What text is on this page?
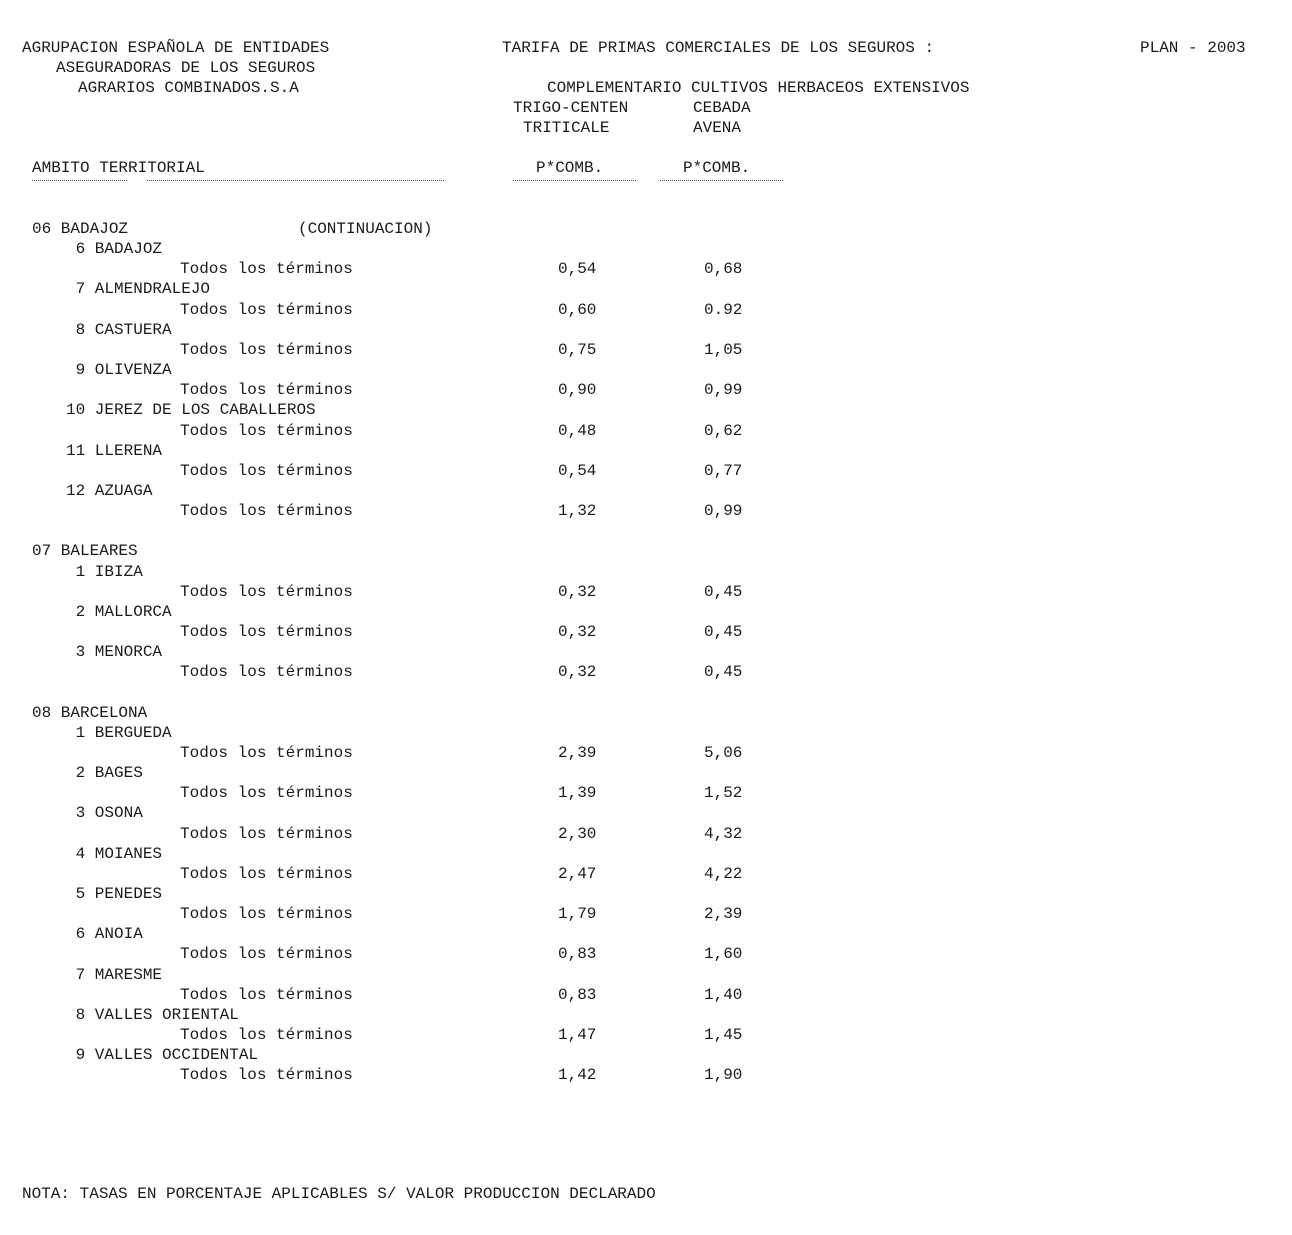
AGRUPACION ESPAÑOLA DE ENTIDADES
ASEGURADORAS DE LOS SEGUROS
AGRARIOS COMBINADOS.S.A
TARIFA DE PRIMAS COMERCIALES DE LOS SEGUROS :	PLAN - 2003
COMPLEMENTARIO CULTIVOS HERBACEOS EXTENSIVOS
TRIGO-CENTEN
TRITICALE
CEBADA
AVENA
AMBITO TERRITORIAL	P*COMB.	P*COMB.
06 BADAJOZ	(CONTINUACION)
6 BADAJOZ
Todos los términos	0,54	0,68
7 ALMENDRALEJO
Todos los términos	0,60	0.92
8 CASTUERA
Todos los términos	0,75	1,05
9 OLIVENZA
Todos los términos	0,90	0,99
10 JEREZ DE LOS CABALLEROS
Todos los términos	0,48	0,62
11 LLERENA
Todos los términos	0,54	0,77
12 AZUAGA
Todos los términos	1,32	0,99
07 BALEARES
1 IBIZA
Todos los términos	0,32	0,45
2 MALLORCA
Todos los términos	0,32	0,45
3 MENORCA
Todos los términos	0,32	0,45
08 BARCELONA
1 BERGUEDA
Todos los términos	2,39	5,06
2 BAGES
Todos los términos	1,39	1,52
3 OSONA
Todos los términos	2,30	4,32
4 MOIANES
Todos los términos	2,47	4,22
5 PENEDES
Todos los términos	1,79	2,39
6 ANOIA
Todos los términos	0,83	1,60
7 MARESME
Todos los términos	0,83	1,40
8 VALLES ORIENTAL
Todos los términos	1,47	1,45
9 VALLES OCCIDENTAL
Todos los términos	1,42	1,90
NOTA: TASAS EN PORCENTAJE APLICABLES S/ VALOR PRODUCCION DECLARADO
